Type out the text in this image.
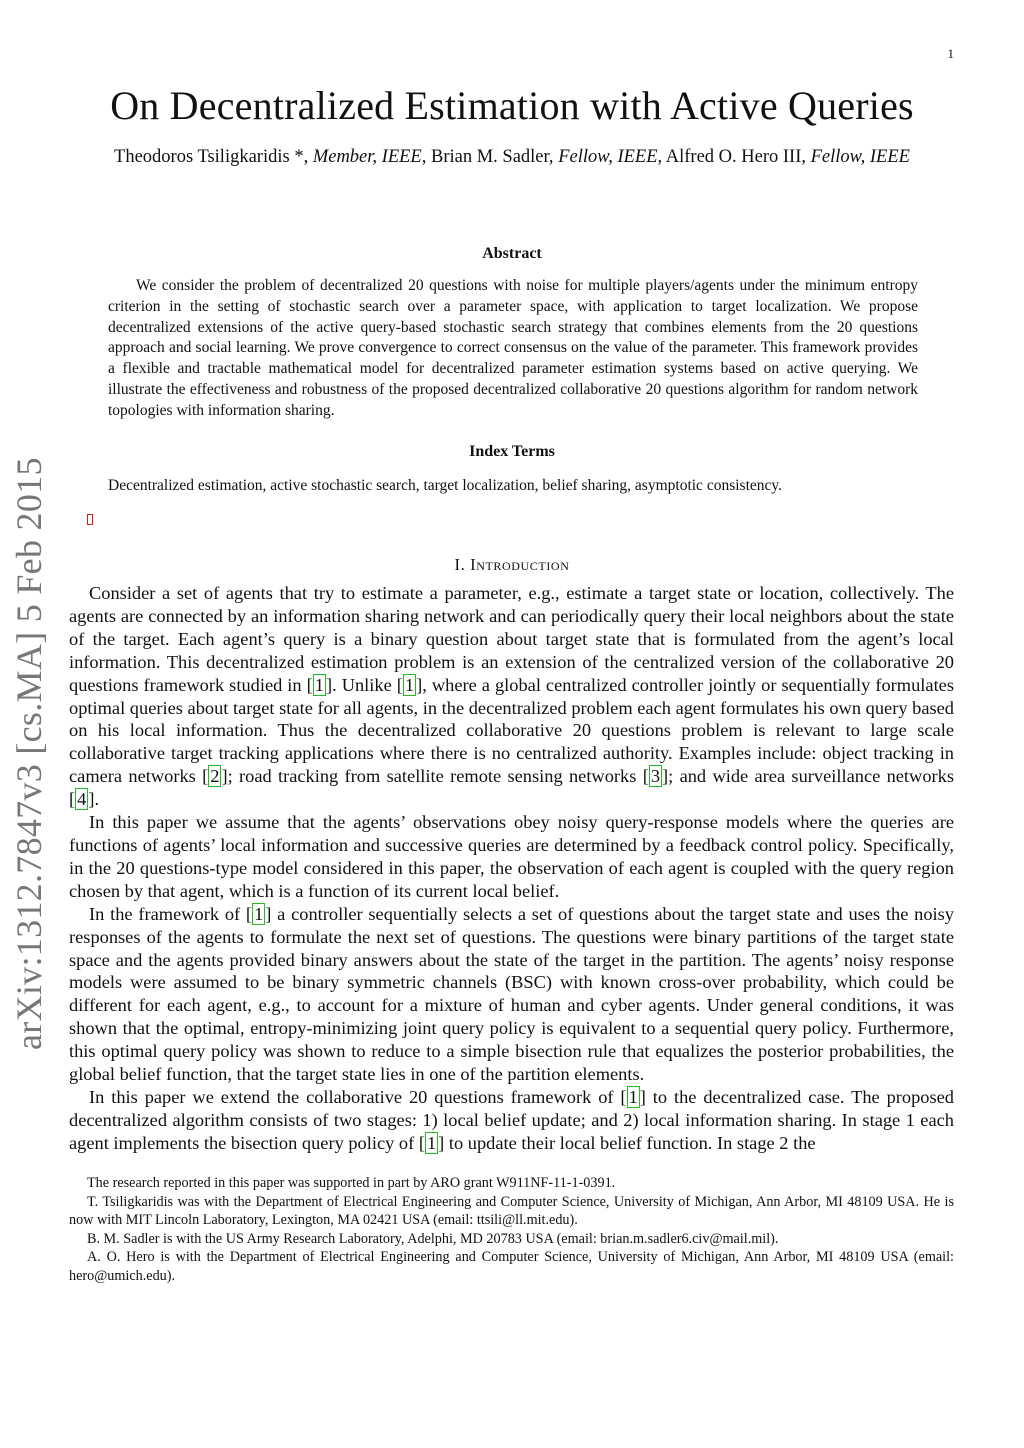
1
On Decentralized Estimation with Active Queries
Theodoros Tsiligkaridis *, Member, IEEE, Brian M. Sadler, Fellow, IEEE, Alfred O. Hero III, Fellow, IEEE
Abstract

We consider the problem of decentralized 20 questions with noise for multiple players/agents under the minimum entropy criterion in the setting of stochastic search over a parameter space, with application to target localization. We propose decentralized extensions of the active query-based stochastic search strategy that combines elements from the 20 questions approach and social learning. We prove convergence to correct consensus on the value of the parameter. This framework provides a flexible and tractable mathematical model for decentralized parameter estimation systems based on active querying. We illustrate the effectiveness and robustness of the proposed decentralized collaborative 20 questions algorithm for random network topologies with information sharing.

Index Terms

Decentralized estimation, active stochastic search, target localization, belief sharing, asymptotic consistency.

arXiv:1312.7847v3 [cs.MA] 5 Feb 2015	I. Introduction

Consider a set of agents that try to estimate a parameter, e.g., estimate a target state or location, collectively. The agents are connected by an information sharing network and can periodically query their local neighbors about the state of the target. Each agent’s query is a binary question about target state that is formulated from the agent’s local information. This decentralized estimation problem is an extension of the centralized version of the collaborative 20 questions framework studied in [ 1 ]. Unlike [ 1 ], where a global centralized controller jointly or sequentially formulates optimal queries about target state for all agents, in the decentralized problem each agent formulates his own query based on his local information. Thus the decentralized collaborative 20 questions problem is relevant to large scale collaborative target tracking applications where there is no centralized authority. Examples include: object tracking in camera networks [ 2 ]; road tracking from satellite remote sensing networks [ 3 ]; and wide area surveillance networks [ 4 ].

In this paper we assume that the agents’ observations obey noisy query-response models where the queries are functions of agents’ local information and successive queries are determined by a feedback control policy. Specifically, in the 20 questions-type model considered in this paper, the observation of each agent is coupled with the query region chosen by that agent, which is a function of its current local belief.

In the framework of [ 1 ] a controller sequentially selects a set of questions about the target state and uses the noisy responses of the agents to formulate the next set of questions. The questions were binary partitions of the target state space and the agents provided binary answers about the state of the target in the partition. The agents’ noisy response models were assumed to be binary symmetric channels (BSC) with known cross-over probability, which could be different for each agent, e.g., to account for a mixture of human and cyber agents. Under general conditions, it was shown that the optimal, entropy-minimizing joint query policy is equivalent to a sequential query policy. Furthermore, this optimal query policy was shown to reduce to a simple bisection rule that equalizes the posterior probabilities, the global belief function, that the target state lies in one of the partition elements.

In this paper we extend the collaborative 20 questions framework of [ 1 ] to the decentralized case. The proposed decentralized algorithm consists of two stages: 1) local belief update; and 2) local information sharing. In stage 1 each agent implements the bisection query policy of [ 1 ] to update their local belief function. In stage 2 the

The research reported in this paper was supported in part by ARO grant W911NF-11-1-0391.

T. Tsiligkaridis was with the Department of Electrical Engineering and Computer Science, University of Michigan, Ann Arbor, MI 48109 USA. He is now with MIT Lincoln Laboratory, Lexington, MA 02421 USA (email: ttsili@ll.mit.edu).

B. M. Sadler is with the US Army Research Laboratory, Adelphi, MD 20783 USA (email: brian.m.sadler6.civ@mail.mil).

A. O. Hero is with the Department of Electrical Engineering and Computer Science, University of Michigan, Ann Arbor, MI 48109 USA (email: hero@umich.edu).
